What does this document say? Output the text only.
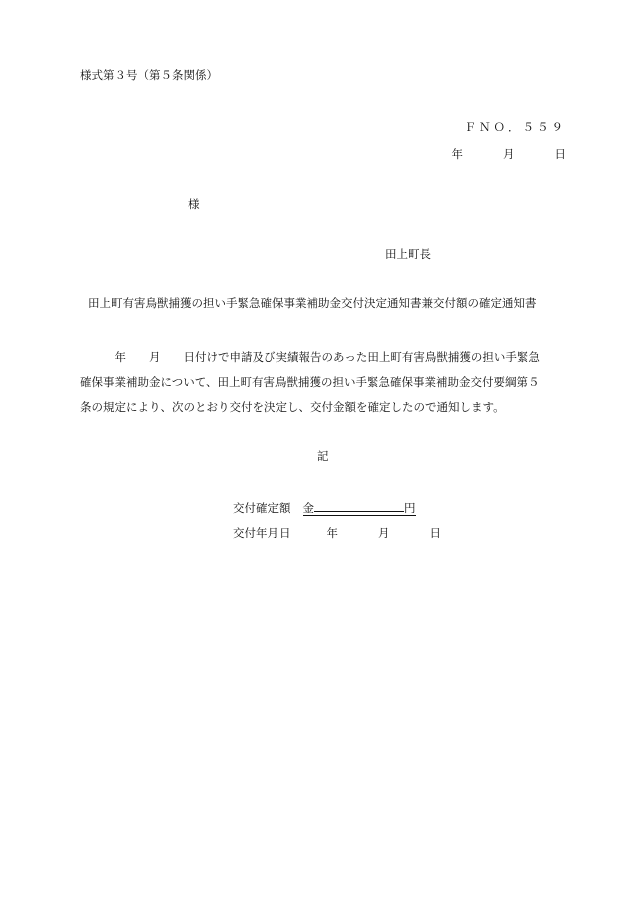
様式第３号（第５条関係）
ＦＮＯ．５５９
年	月	日
様
田上町長
田上町有害鳥獣捕獲の担い手緊急確保事業補助金交付決定通知書兼交付額の確定通知書
　　　年　　月　　日付けで申請及び実績報告のあった田上町有害鳥獣捕獲の担い手緊急
確保事業補助金について、田上町有害鳥獣捕獲の担い手緊急確保事業補助金交付要綱第５
条の規定により、次のとおり交付を決定し、交付金額を確定したので通知します。
記
交付確定額 金	円
交付年月日	年	月	日
